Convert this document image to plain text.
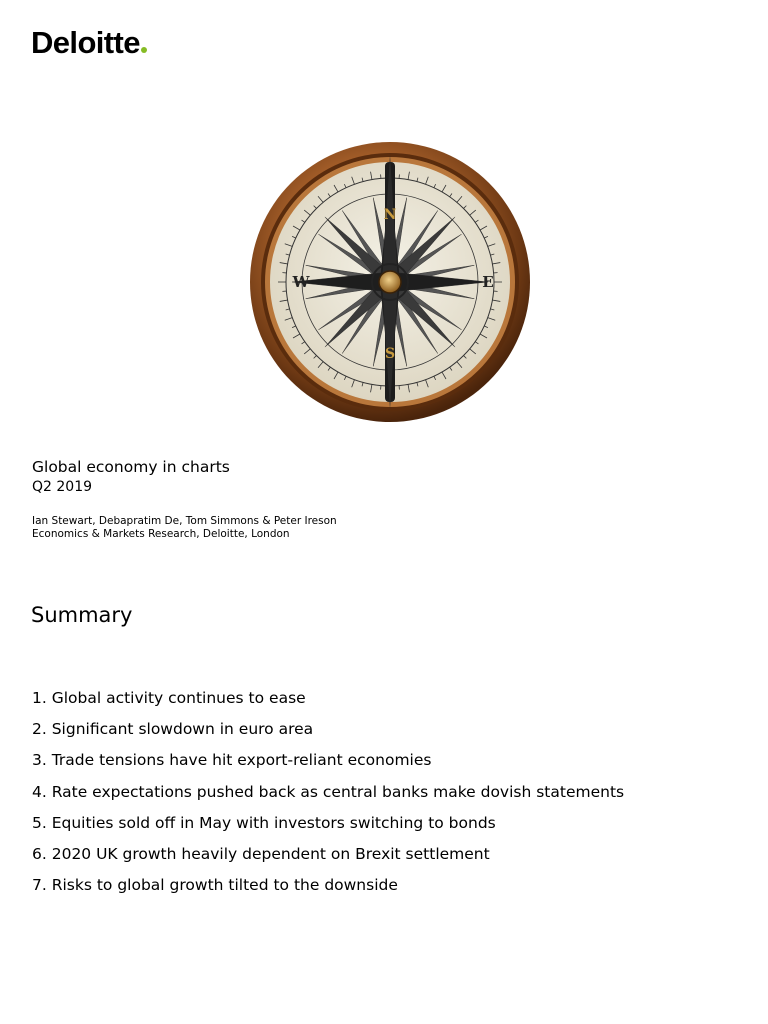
Deloitte
N
S
W	E
Global economy in charts
Q2 2019
Ian Stewart, Debapratim De, Tom Simmons & Peter Ireson
Economics & Markets Research, Deloitte, London
Summary
1. Global activity continues to ease
2. Significant slowdown in euro area
3. Trade tensions have hit export-reliant economies
4. Rate expectations pushed back as central banks make dovish statements
5. Equities sold off in May with investors switching to bonds
6. 2020 UK growth heavily dependent on Brexit settlement
7. Risks to global growth tilted to the downside
